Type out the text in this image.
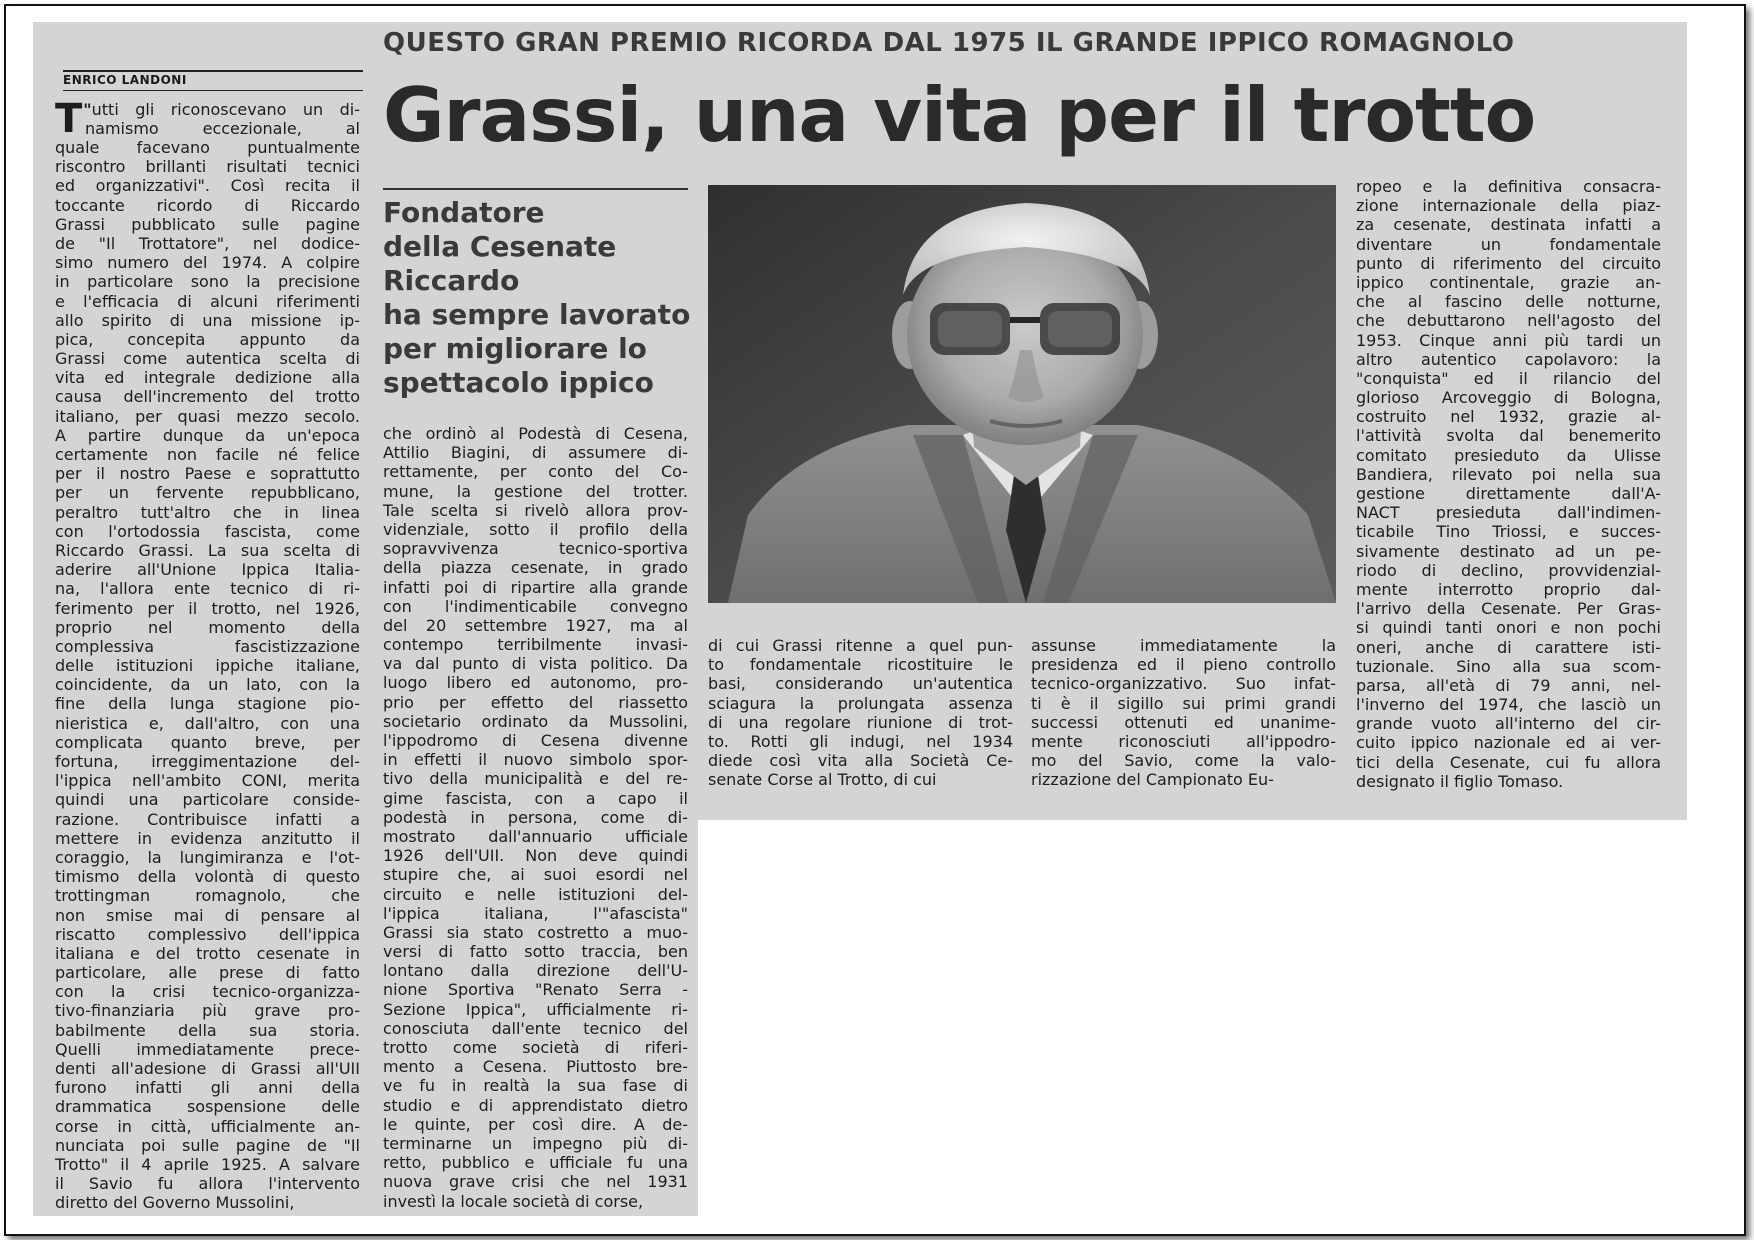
ENRICO LANDONI
QUESTO GRAN PREMIO RICORDA DAL 1975 IL GRANDE IPPICO ROMAGNOLO
Grassi, una vita per il trotto
Fondatore
della Cesenate
Riccardo
ha sempre lavorato
per migliorare lo
spettacolo ippico
"
T utti gli riconoscevano un di-
namismo eccezionale, al
quale facevano puntualmente
riscontro brillanti risultati tecnici
ed organizzativi". Così recita il
toccante ricordo di Riccardo
Grassi pubblicato sulle pagine
de "Il Trottatore", nel dodice-
simo numero del 1974. A colpire
in particolare sono la precisione
e l'efficacia di alcuni riferimenti
allo spirito di una missione ip-
pica, concepita appunto da
Grassi come autentica scelta di
vita ed integrale dedizione alla
causa dell'incremento del trotto
italiano, per quasi mezzo secolo.
A partire dunque da un'epoca
certamente non facile né felice
per il nostro Paese e soprattutto
per un fervente repubblicano,
peraltro tutt'altro che in linea
con l'ortodossia fascista, come
Riccardo Grassi. La sua scelta di
aderire all'Unione Ippica Italia-
na, l'allora ente tecnico di ri-
ferimento per il trotto, nel 1926,
proprio nel momento della
complessiva fascistizzazione
delle istituzioni ippiche italiane,
coincidente, da un lato, con la
fine della lunga stagione pio-
nieristica e, dall'altro, con una
complicata quanto breve, per
fortuna, irreggimentazione del-
l'ippica nell'ambito CONI, merita
quindi una particolare conside-
razione. Contribuisce infatti a
mettere in evidenza anzitutto il
coraggio, la lungimiranza e l'ot-
timismo della volontà di questo
trottingman romagnolo, che
non smise mai di pensare al
riscatto complessivo dell'ippica
italiana e del trotto cesenate in
particolare, alle prese di fatto
con la crisi tecnico-organizza-
tivo-finanziaria più grave pro-
babilmente della sua storia.
Quelli immediatamente prece-
denti all'adesione di Grassi all'UII
furono infatti gli anni della
drammatica sospensione delle
corse in città, ufficialmente an-
nunciata poi sulle pagine de "Il
Trotto" il 4 aprile 1925. A salvare
il Savio fu allora l'intervento
diretto del Governo Mussolini,
che ordinò al Podestà di Cesena,
Attilio Biagini, di assumere di-
rettamente, per conto del Co-
mune, la gestione del trotter.
Tale scelta si rivelò allora prov-
videnziale, sotto il profilo della
sopravvivenza tecnico-sportiva
della piazza cesenate, in grado
infatti poi di ripartire alla grande
con l'indimenticabile convegno
del 20 settembre 1927, ma al
contempo terribilmente invasi-
va dal punto di vista politico. Da
luogo libero ed autonomo, pro-
prio per effetto del riassetto
societario ordinato da Mussolini,
l'ippodromo di Cesena divenne
in effetti il nuovo simbolo spor-
tivo della municipalità e del re-
gime fascista, con a capo il
podestà in persona, come di-
mostrato dall'annuario ufficiale
1926 dell'UII. Non deve quindi
stupire che, ai suoi esordi nel
circuito e nelle istituzioni del-
l'ippica italiana, l'"afascista"
Grassi sia stato costretto a muo-
versi di fatto sotto traccia, ben
lontano dalla direzione dell'U-
nione Sportiva "Renato Serra -
Sezione Ippica", ufficialmente ri-
conosciuta dall'ente tecnico del
trotto come società di riferi-
mento a Cesena. Piuttosto bre-
ve fu in realtà la sua fase di
studio e di apprendistato dietro
le quinte, per così dire. A de-
terminarne un impegno più di-
retto, pubblico e ufficiale fu una
nuova grave crisi che nel 1931
investì la locale società di corse,
di cui Grassi ritenne a quel pun-
to fondamentale ricostituire le
basi, considerando un'autentica
sciagura la prolungata assenza
di una regolare riunione di trot-
to. Rotti gli indugi, nel 1934
diede così vita alla Società Ce-
senate Corse al Trotto, di cui
assunse immediatamente la
presidenza ed il pieno controllo
tecnico-organizzativo. Suo infat-
ti è il sigillo sui primi grandi
successi ottenuti ed unanime-
mente riconosciuti all'ippodro-
mo del Savio, come la valo-
rizzazione del Campionato Eu-
ropeo e la definitiva consacra-
zione internazionale della piaz-
za cesenate, destinata infatti a
diventare un fondamentale
punto di riferimento del circuito
ippico continentale, grazie an-
che al fascino delle notturne,
che debuttarono nell'agosto del
1953. Cinque anni più tardi un
altro autentico capolavoro: la
"conquista" ed il rilancio del
glorioso Arcoveggio di Bologna,
costruito nel 1932, grazie al-
l'attività svolta dal benemerito
comitato presieduto da Ulisse
Bandiera, rilevato poi nella sua
gestione direttamente dall'A-
NACT presieduta dall'indimen-
ticabile Tino Triossi, e succes-
sivamente destinato ad un pe-
riodo di declino, provvidenzial-
mente interrotto proprio dal-
l'arrivo della Cesenate. Per Gras-
si quindi tanti onori e non pochi
oneri, anche di carattere isti-
tuzionale. Sino alla sua scom-
parsa, all'età di 79 anni, nel-
l'inverno del 1974, che lasciò un
grande vuoto all'interno del cir-
cuito ippico nazionale ed ai ver-
tici della Cesenate, cui fu allora
designato il figlio Tomaso.
